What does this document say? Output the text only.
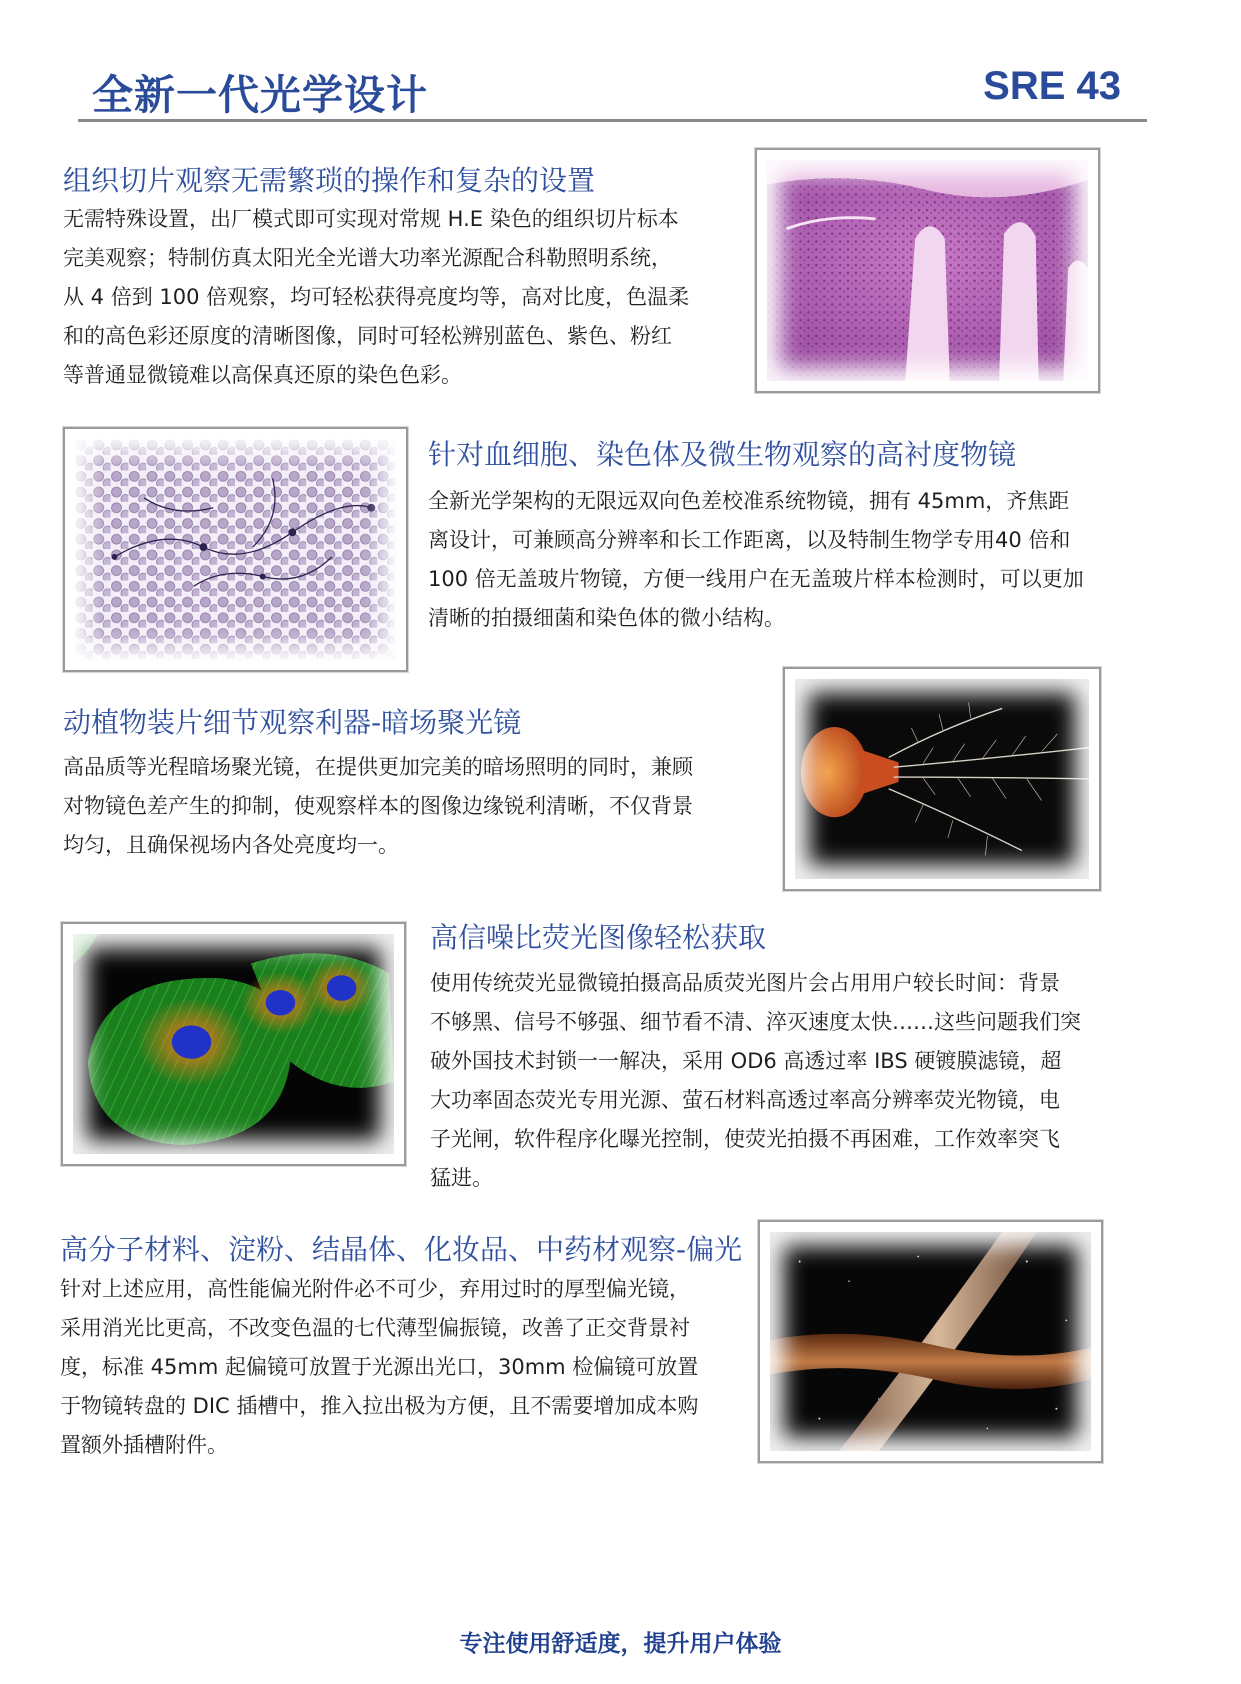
全新一代光学设计	SRE 43
组织切片观察无需繁琐的操作和复杂的设置
无需特殊设置，出厂模式即可实现对常规 H.E 染色的组织切片标本
完美观察；特制仿真太阳光全光谱大功率光源配合科勒照明系统，
从 4 倍到 100 倍观察，均可轻松获得亮度均等，高对比度，色温柔
和的高色彩还原度的清晰图像，同时可轻松辨别蓝色、紫色、粉红
等普通显微镜难以高保真还原的染色色彩。
针对血细胞、染色体及微生物观察的高衬度物镜
全新光学架构的无限远双向色差校准系统物镜，拥有 45mm，齐焦距
离设计，可兼顾高分辨率和长工作距离，以及特制生物学专用40 倍和
100 倍无盖玻片物镜，方便一线用户在无盖玻片样本检测时，可以更加
清晰的拍摄细菌和染色体的微小结构。
动植物装片细节观察利器-暗场聚光镜
高品质等光程暗场聚光镜，在提供更加完美的暗场照明的同时，兼顾
对物镜色差产生的抑制，使观察样本的图像边缘锐利清晰，不仅背景
均匀，且确保视场内各处亮度均一。
高信噪比荧光图像轻松获取
使用传统荧光显微镜拍摄高品质荧光图片会占用用户较长时间：背景
不够黑、信号不够强、细节看不清、淬灭速度太快……这些问题我们突
破外国技术封锁一一解决，采用 OD6 高透过率 IBS 硬镀膜滤镜，超
大功率固态荧光专用光源、萤石材料高透过率高分辨率荧光物镜，电
子光闸，软件程序化曝光控制，使荧光拍摄不再困难，工作效率突飞
猛进。
高分子材料、淀粉、结晶体、化妆品、中药材观察-偏光
针对上述应用，高性能偏光附件必不可少，弃用过时的厚型偏光镜，
采用消光比更高，不改变色温的七代薄型偏振镜，改善了正交背景衬
度，标准 45mm 起偏镜可放置于光源出光口，30mm 检偏镜可放置
于物镜转盘的 DIC 插槽中，推入拉出极为方便，且不需要增加成本购
置额外插槽附件。
专注使用舒适度，提升用户体验
